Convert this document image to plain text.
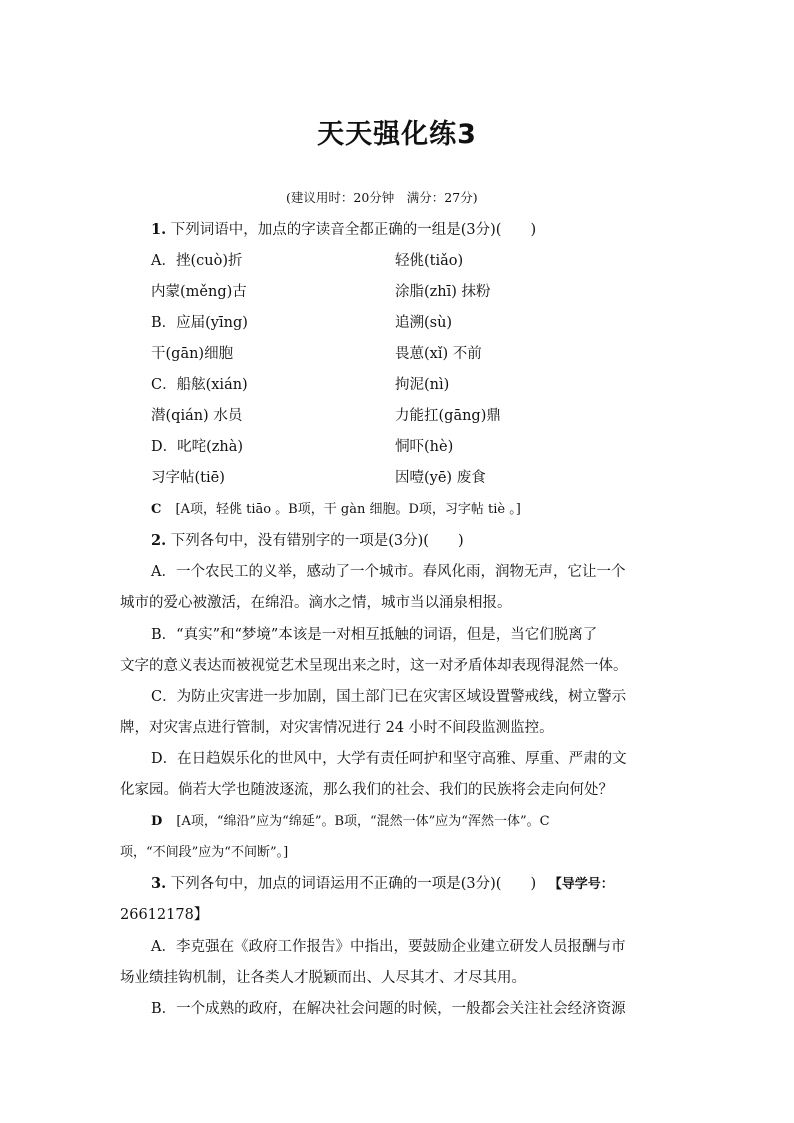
天天强化练3
(建议用时：20分钟　满分：27分)
1. 下列词语中，加点的字读音全都正确的一组是(3分)(　　)
A．挫(cuò)折	轻佻(tiǎo)
内蒙(měng)古	涂脂(zhī) 抹粉
B．应届(yīng)	追溯(sù)
干(gān)细胞	畏葸(xǐ) 不前
C．船舷(xián)	拘泥(nì)
潜(qián) 水员	力能扛(gāng)鼎
D．叱咤(zhà)	恫吓(hè)
习字帖(tiē)	因噎(yē) 废食
C [A项，轻佻 tiāo 。B项，干 gàn 细胞。D项，习字帖 tiè 。]
2. 下列各句中，没有错别字的一项是(3分)(　　)
A．一个农民工的义举，感动了一个城市。春风化雨，润物无声，它让一个
城市的爱心被激活，在绵沿。滴水之情，城市当以涌泉相报。
B．“真实”和“梦境”本该是一对相互抵触的词语，但是，当它们脱离了
文字的意义表达而被视觉艺术呈现出来之时，这一对矛盾体却表现得混然一体。
C．为防止灾害进一步加剧，国土部门已在灾害区域设置警戒线，树立警示
牌，对灾害点进行管制，对灾害情况进行 24 小时不间段监测监控。
D．在日趋娱乐化的世风中，大学有责任呵护和坚守高雅、厚重、严肃的文
化家园。倘若大学也随波逐流，那么我们的社会、我们的民族将会走向何处？
D [A项，“绵沿”应为“绵延”。B项，“混然一体”应为“浑然一体”。C
项，“不间段”应为“不间断”。]
3. 下列各句中，加点的词语运用不正确的一项是(3分)(　　) 【导学号：
26612178】
A．李克强在《政府工作报告》中指出，要鼓励企业建立研发人员报酬与市
场业绩挂钩机制，让各类人才脱颖而出、人尽其才、才尽其用。
B．一个成熟的政府，在解决社会问题的时候，一般都会关注社会经济资源
